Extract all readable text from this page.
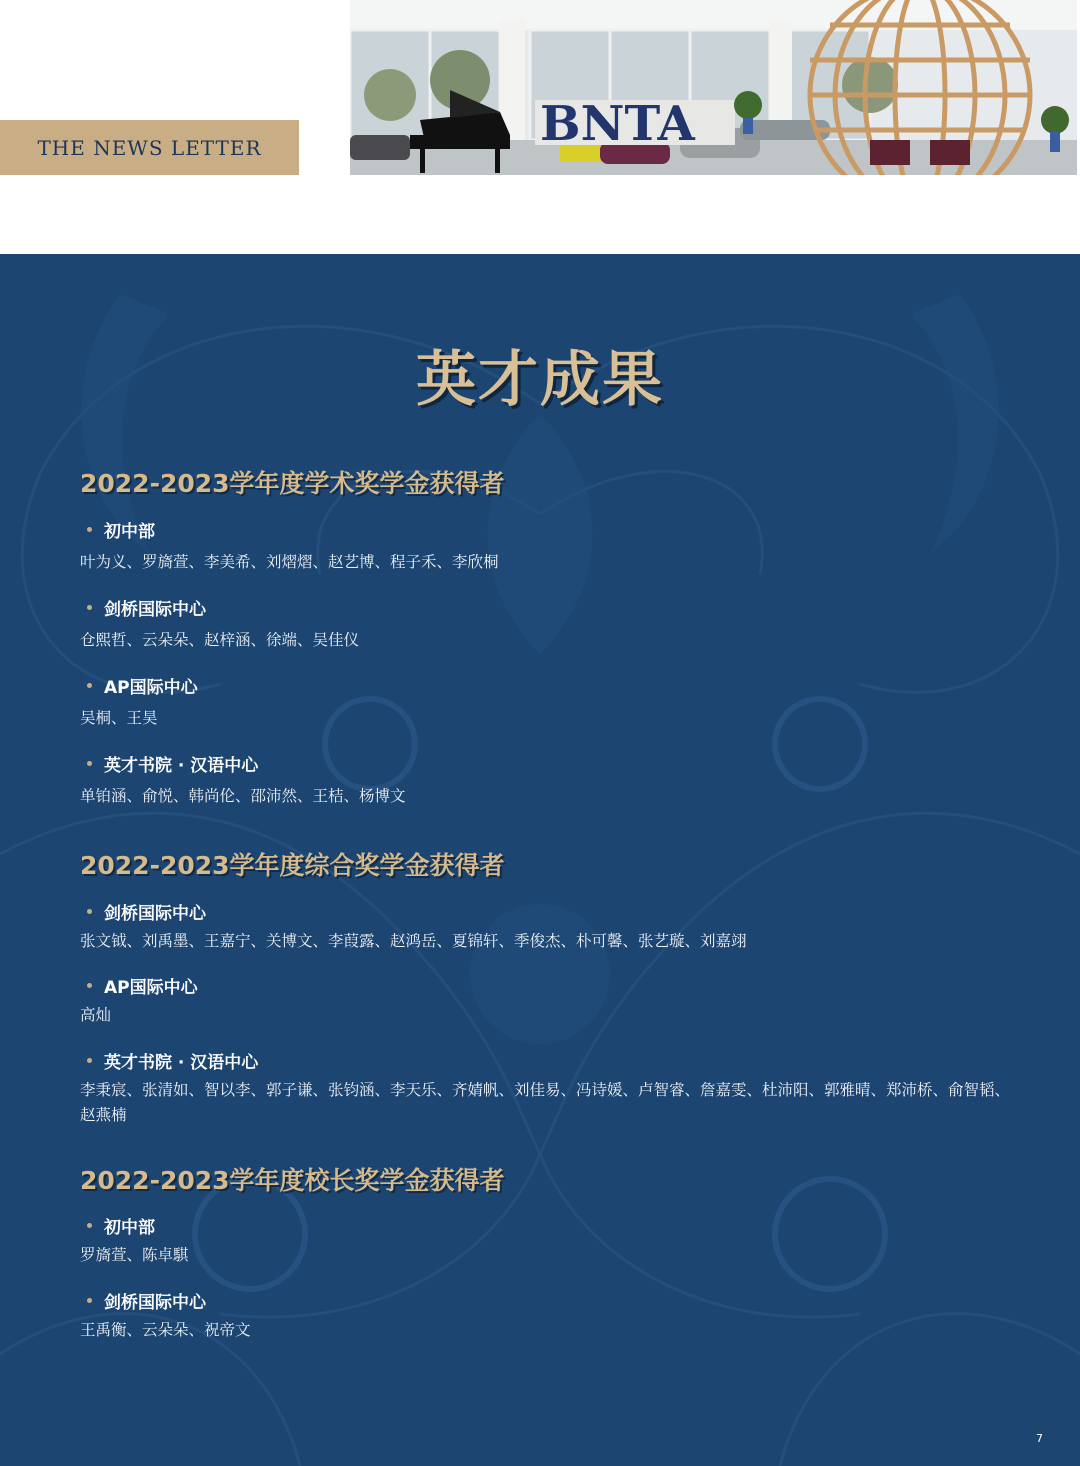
THE NEWS LETTER	BNTA
英才成果
2022-2023学年度学术奖学金获得者
初中部
叶为义、罗旖萱、李美希、刘熠熠、赵艺博、程子禾、李欣桐
剑桥国际中心
仓熙哲、云朵朵、赵梓涵、徐端、吴佳仪
AP国际中心
吴桐、王昊
英才书院 · 汉语中心
单铂涵、俞悦、韩尚伦、邵沛然、王桔、杨博文
2022-2023学年度综合奖学金获得者
剑桥国际中心
张文钺、刘禹墨、王嘉宁、关博文、李葭露、赵鸿岳、夏锦轩、季俊杰、朴可馨、张艺璇、刘嘉翊
AP国际中心
高灿
英才书院 · 汉语中心
李秉宸、张清如、智以李、郭子谦、张钧涵、李天乐、齐婧帆、刘佳易、冯诗媛、卢智睿、詹嘉雯、杜沛阳、郭雅晴、郑沛桥、俞智韬、赵燕楠
2022-2023学年度校长奖学金获得者
初中部
罗旖萱、陈卓騏
剑桥国际中心
王禹衡、云朵朵、祝帝文
7
